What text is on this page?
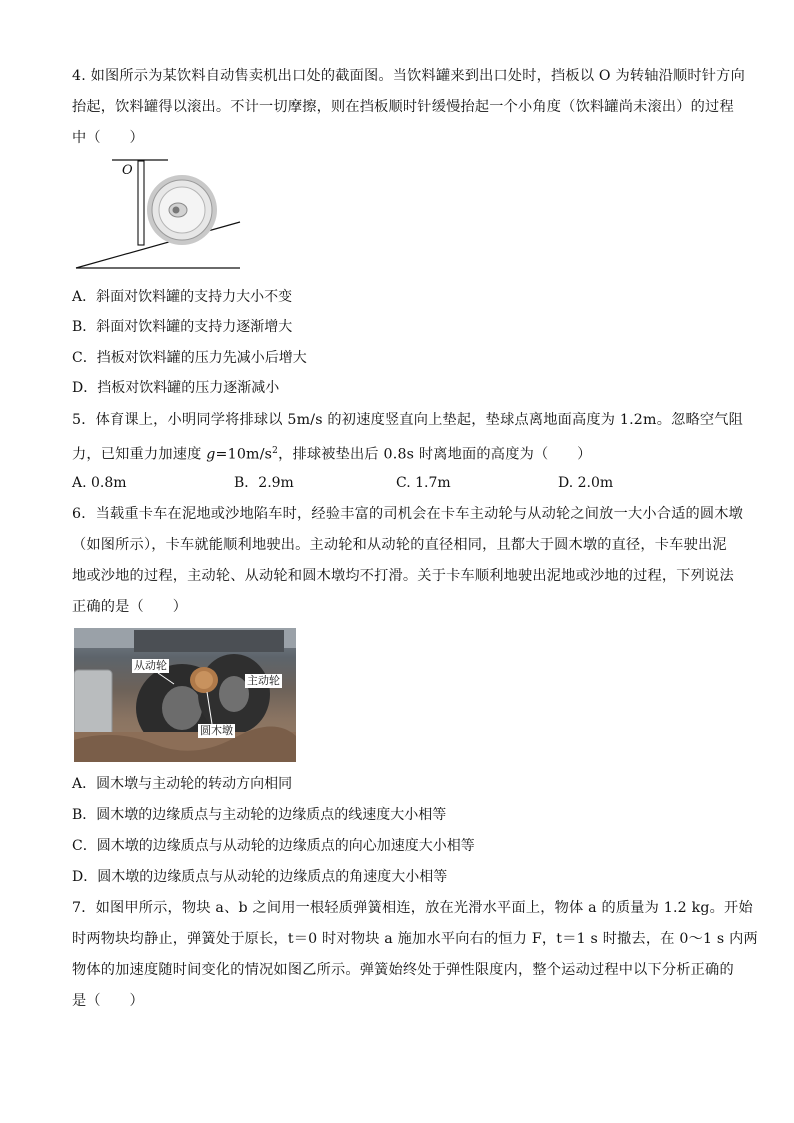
4. 如图所示为某饮料自动售卖机出口处的截面图。当饮料罐来到出口处时，挡板以 O 为转轴沿顺时针方向
抬起，饮料罐得以滚出。不计一切摩擦，则在挡板顺时针缓慢抬起一个小角度（饮料罐尚未滚出）的过程
中（　　）
O
A．斜面对饮料罐的支持力大小不变
B．斜面对饮料罐的支持力逐渐增大
C．挡板对饮料罐的压力先减小后增大
D．挡板对饮料罐的压力逐渐减小
5．体育课上，小明同学将排球以 5m/s 的初速度竖直向上垫起，垫球点离地面高度为 1.2m。忽略空气阻
力，已知重力加速度 $g=10m/s^2$，排球被垫出后 0.8s 时离地面的高度为（　　）
A. 0.8m	B．2.9m	C. 1.7m	D. 2.0m
6．当载重卡车在泥地或沙地陷车时，经验丰富的司机会在卡车主动轮与从动轮之间放一大小合适的圆木墩
（如图所示），卡车就能顺利地驶出。主动轮和从动轮的直径相同，且都大于圆木墩的直径，卡车驶出泥
地或沙地的过程，主动轮、从动轮和圆木墩均不打滑。关于卡车顺利地驶出泥地或沙地的过程，下列说法
正确的是（　　）
从动轮
主动轮
圆木墩
A．圆木墩与主动轮的转动方向相同
B．圆木墩的边缘质点与主动轮的边缘质点的线速度大小相等
C．圆木墩的边缘质点与从动轮的边缘质点的向心加速度大小相等
D．圆木墩的边缘质点与从动轮的边缘质点的角速度大小相等
7．如图甲所示，物块 a、b 之间用一根轻质弹簧相连，放在光滑水平面上，物体 a 的质量为 1.2 kg。开始
时两物块均静止，弹簧处于原长，t＝0 时对物块 a 施加水平向右的恒力 F，t＝1 s 时撤去，在 0～1 s 内两
物体的加速度随时间变化的情况如图乙所示。弹簧始终处于弹性限度内，整个运动过程中以下分析正确的
是（　　）
